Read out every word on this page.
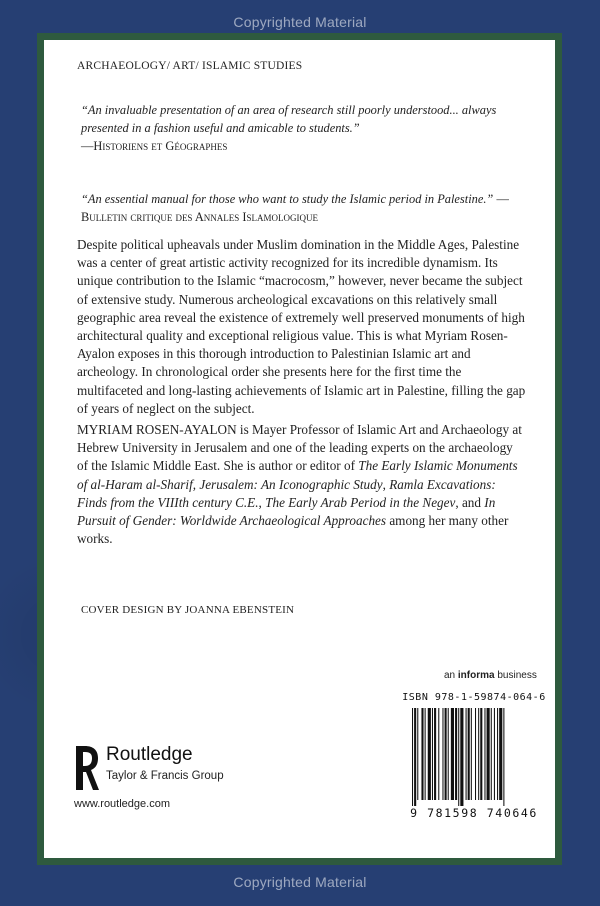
Copyrighted Material
ARCHAEOLOGY/ ART/ ISLAMIC STUDIES
“An invaluable presentation of an area of research still poorly understood... always presented in a fashion useful and amicable to students.”
—Historiens et Géographes
“An essential manual for those who want to study the Islamic period in Palestine.” —Bulletin critique des Annales Islamologique
Despite political upheavals under Muslim domination in the Middle Ages, Palestine was a center of great artistic activity recognized for its incredible dynamism. Its unique contribution to the Islamic “macrocosm,” however, never became the subject of extensive study. Numerous archeological excavations on this relatively small geographic area reveal the existence of extremely well preserved monuments of high architectural quality and exceptional religious value. This is what Myriam Rosen-Ayalon exposes in this thorough introduction to Palestinian Islamic art and archeology. In chronological order she presents here for the first time the multifaceted and long-lasting achievements of Islamic art in Palestine, filling the gap of years of neglect on the subject.
MYRIAM ROSEN-AYALON is Mayer Professor of Islamic Art and Archaeology at Hebrew University in Jerusalem and one of the leading experts on the archaeology of the Islamic Middle East. She is author or editor of The Early Islamic Monuments of al-Haram al-Sharif, Jerusalem: An Iconographic Study, Ramla Excavations: Finds from the VIIIth century C.E., The Early Arab Period in the Negev, and In Pursuit of Gender: Worldwide Archaeological Approaches among her many other works.
COVER DESIGN BY JOANNA EBENSTEIN
an informa business
ISBN 978-1-59874-064-6
9 781598 740646
Routledge
Taylor & Francis Group
www.routledge.com
Copyrighted Material
